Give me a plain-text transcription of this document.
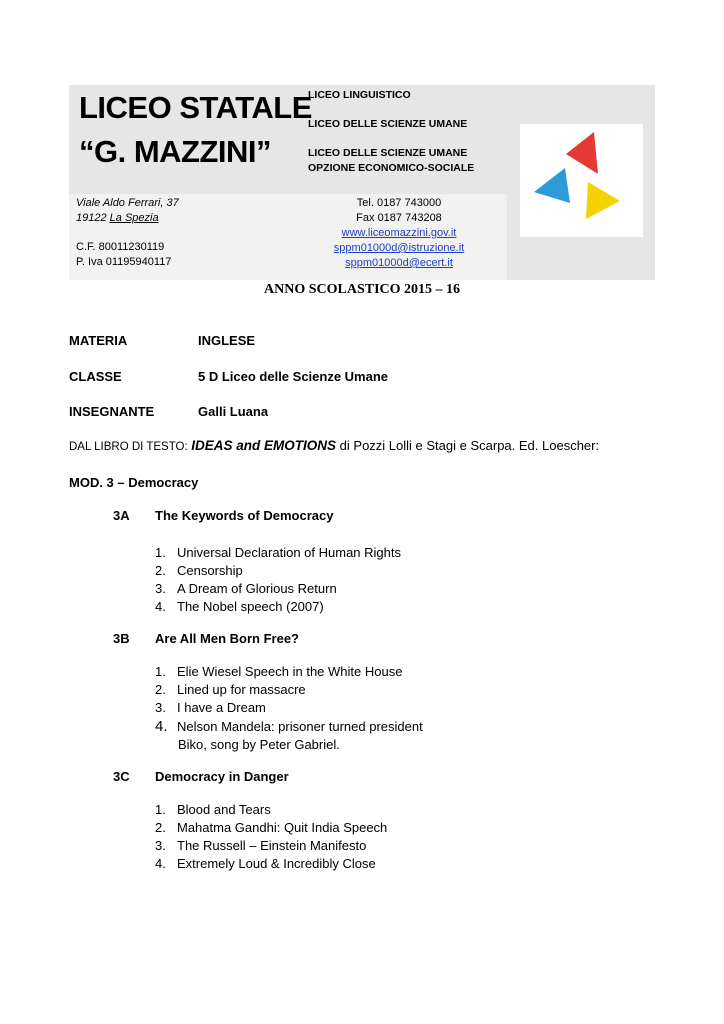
LICEO STATALE
“G. MAZZINI”
LICEO LINGUISTICO
LICEO DELLE SCIENZE UMANE
LICEO DELLE SCIENZE UMANE
OPZIONE ECONOMICO-SOCIALE
Viale Aldo Ferrari, 37
19122 La Spezia
C.F. 80011230119
P. Iva 01195940117
Tel. 0187 743000
Fax 0187 743208
www.liceomazzini.gov.it
sppm01000d@istruzione.it
sppm01000d@ecert.it
ANNO SCOLASTICO 2015 – 16
MATERIA	INGLESE
CLASSE	5 D Liceo delle Scienze Umane
INSEGNANTE	Galli Luana
DAL LIBRO DI TESTO: IDEAS and EMOTIONS di Pozzi Lolli e Stagi e Scarpa. Ed. Loescher:
MOD. 3 – Democracy
3A The Keywords of Democracy
1. Universal Declaration of Human Rights
2. Censorship
3. A Dream of Glorious Return
4. The Nobel speech (2007)
3B Are All Men Born Free?
1. Elie Wiesel Speech in the White House
2. Lined up for massacre
3. I have a Dream
4. Nelson Mandela: prisoner turned president
Biko, song by Peter Gabriel.
3C Democracy in Danger
1. Blood and Tears
2. Mahatma Gandhi: Quit India Speech
3. The Russell – Einstein Manifesto
4. Extremely Loud & Incredibly Close
